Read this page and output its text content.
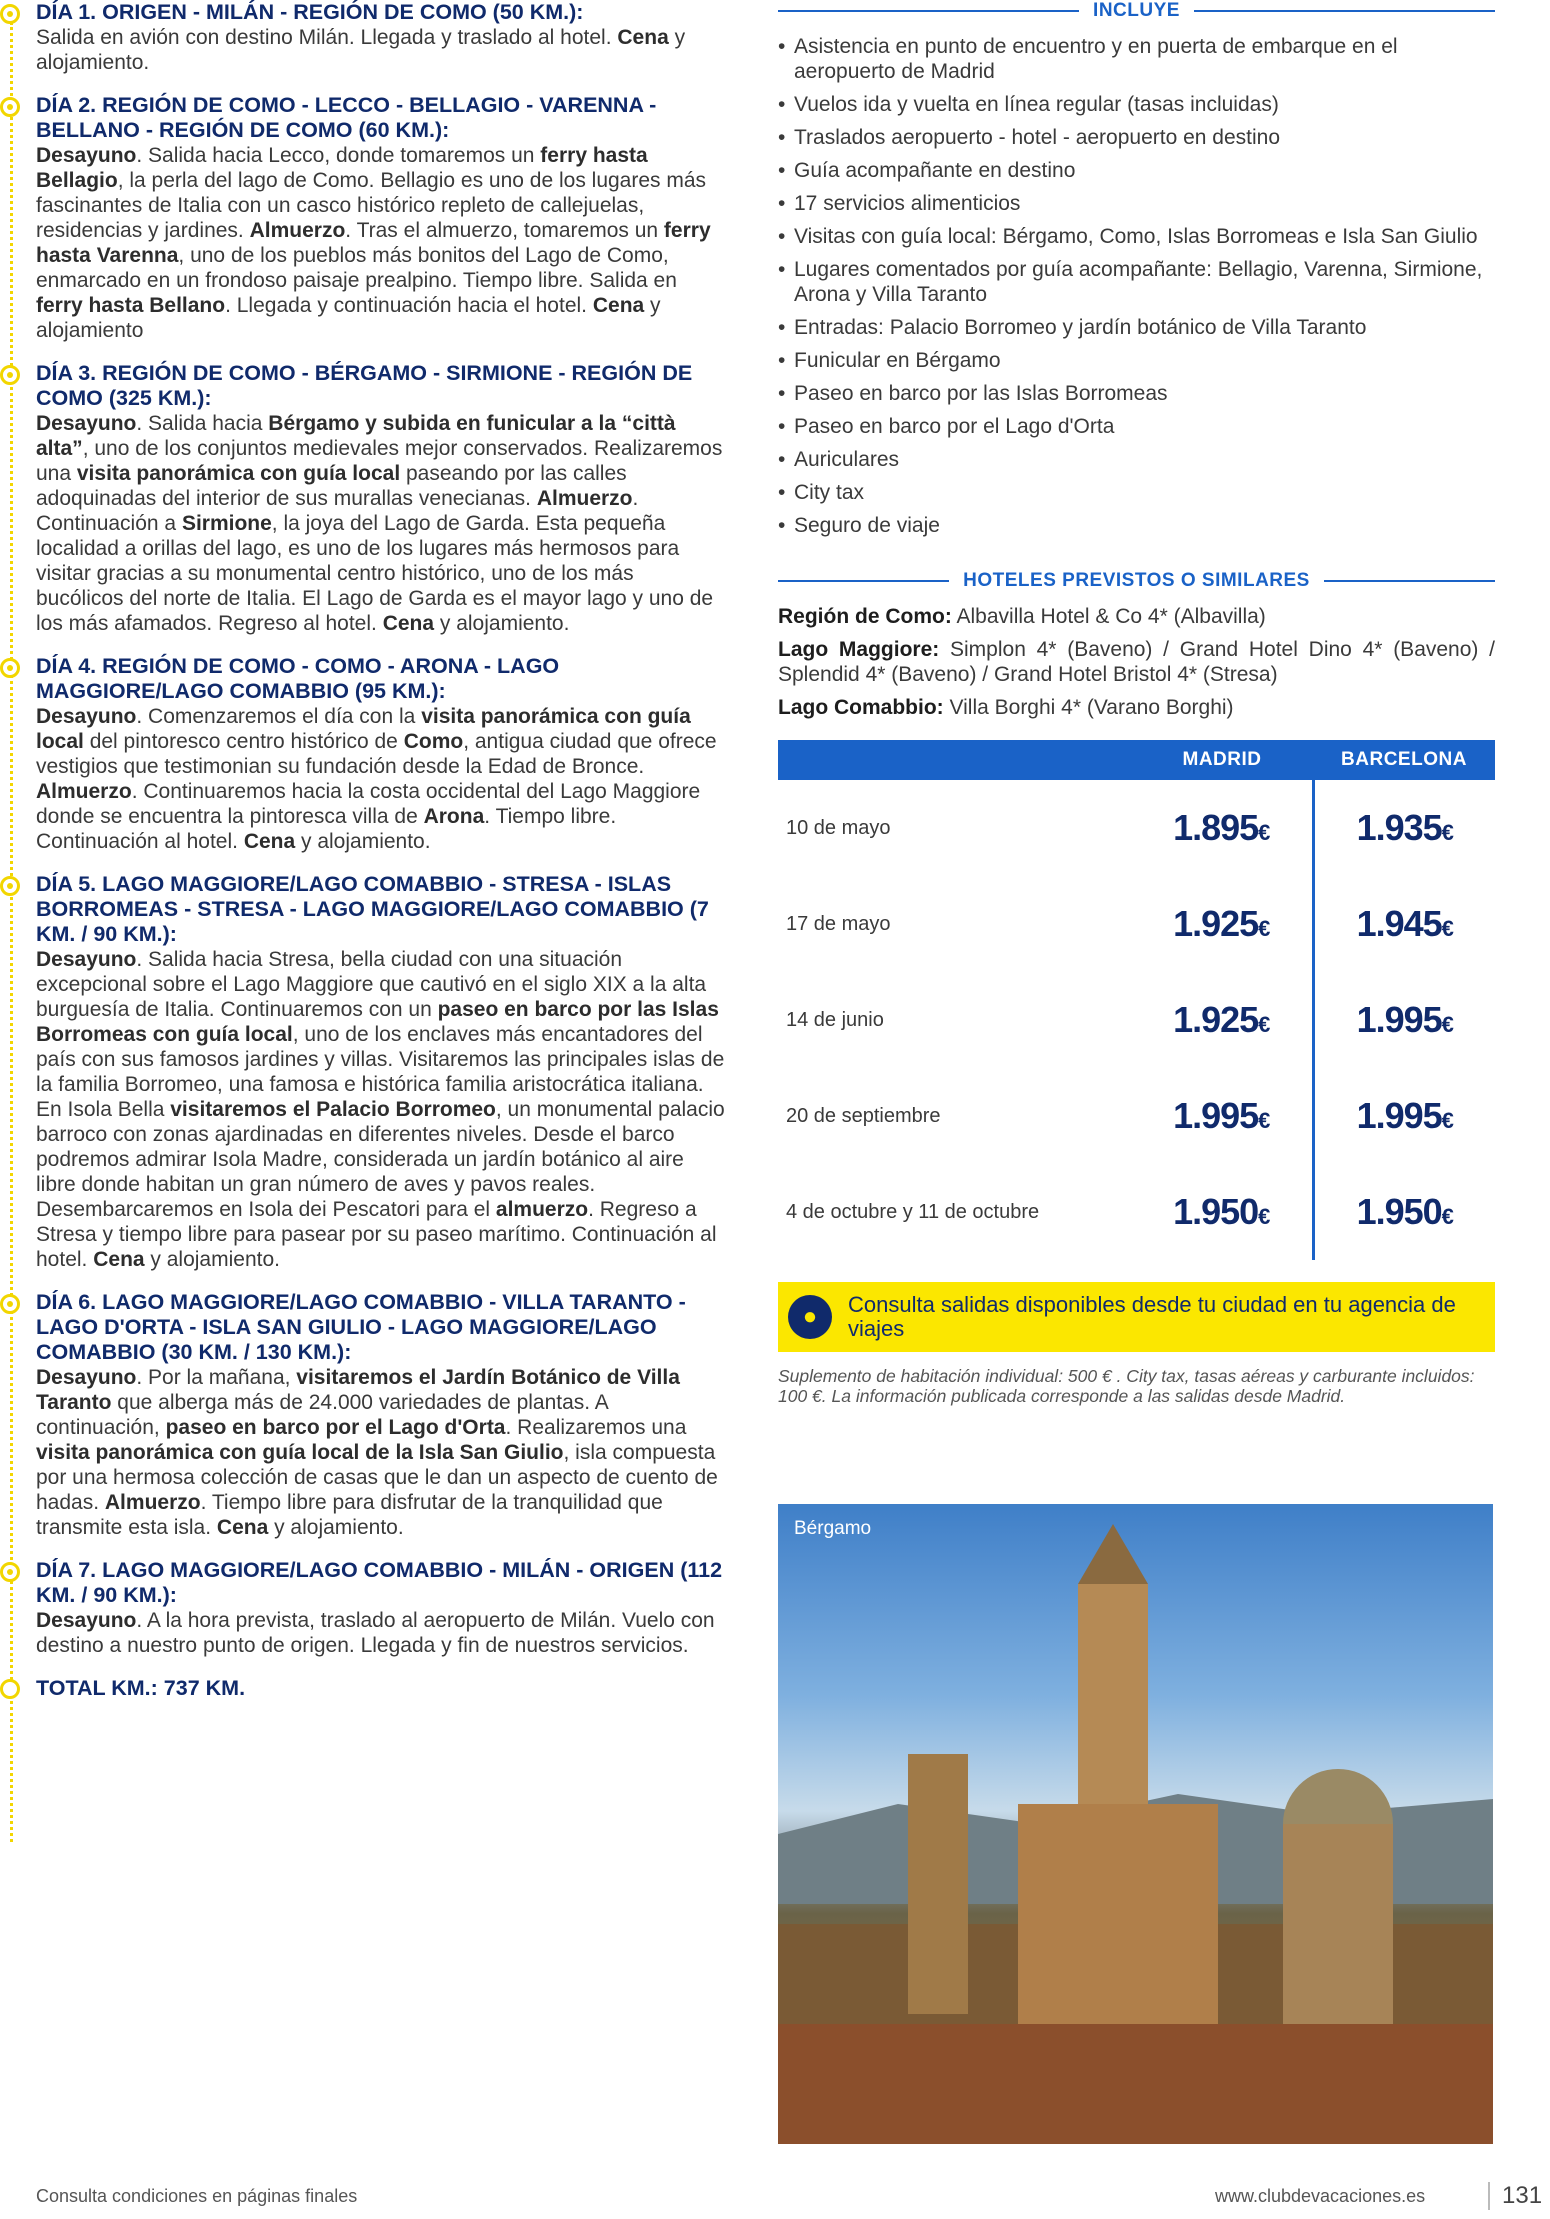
DÍA 1. ORIGEN - MILÁN - REGIÓN DE COMO (50 KM.):

Salida en avión con destino Milán. Llegada y traslado al hotel. Cena y alojamiento.

DÍA 2. REGIÓN DE COMO - LECCO - BELLAGIO - VARENNA - BELLANO - REGIÓN DE COMO (60 KM.):

Desayuno. Salida hacia Lecco, donde tomaremos un ferry hasta Bellagio, la perla del lago de Como. Bellagio es uno de los lugares más fascinantes de Italia con un casco histórico repleto de callejuelas, residencias y jardines. Almuerzo. Tras el almuerzo, tomaremos un ferry hasta Varenna, uno de los pueblos más bonitos del Lago de Como, enmarcado en un frondoso paisaje prealpino. Tiempo libre. Salida en ferry hasta Bellano. Llegada y continuación hacia el hotel. Cena y alojamiento

DÍA 3. REGIÓN DE COMO - BÉRGAMO - SIRMIONE - REGIÓN DE COMO (325 KM.):

Desayuno. Salida hacia Bérgamo y subida en funicular a la “città alta”, uno de los conjuntos medievales mejor conservados. Realizaremos una visita panorámica con guía local paseando por las calles adoquinadas del interior de sus murallas venecianas. Almuerzo. Continuación a Sirmione, la joya del Lago de Garda. Esta pequeña localidad a orillas del lago, es uno de los lugares más hermosos para visitar gracias a su monumental centro histórico, uno de los más bucólicos del norte de Italia. El Lago de Garda es el mayor lago y uno de los más afamados. Regreso al hotel. Cena y alojamiento.

DÍA 4. REGIÓN DE COMO - COMO - ARONA - LAGO MAGGIORE/LAGO COMABBIO (95 KM.):

Desayuno. Comenzaremos el día con la visita panorámica con guía local del pintoresco centro histórico de Como, antigua ciudad que ofrece vestigios que testimonian su fundación desde la Edad de Bronce. Almuerzo. Continuaremos hacia la costa occidental del Lago Maggiore donde se encuentra la pintoresca villa de Arona. Tiempo libre. Continuación al hotel. Cena y alojamiento.

DÍA 5. LAGO MAGGIORE/LAGO COMABBIO - STRESA - ISLAS BORROMEAS - STRESA - LAGO MAGGIORE/LAGO COMABBIO (7 KM. / 90 KM.):

Desayuno. Salida hacia Stresa, bella ciudad con una situación excepcional sobre el Lago Maggiore que cautivó en el siglo XIX a la alta burguesía de Italia. Continuaremos con un paseo en barco por las Islas Borromeas con guía local, uno de los enclaves más encantadores del país con sus famosos jardines y villas. Visitaremos las principales islas de la familia Borromeo, una famosa e histórica familia aristocrática italiana. En Isola Bella visitaremos el Palacio Borromeo, un monumental palacio barroco con zonas ajardinadas en diferentes niveles. Desde el barco podremos admirar Isola Madre, considerada un jardín botánico al aire libre donde habitan un gran número de aves y pavos reales. Desembarcaremos en Isola dei Pescatori para el almuerzo. Regreso a Stresa y tiempo libre para pasear por su paseo marítimo. Continuación al hotel. Cena y alojamiento.

DÍA 6. LAGO MAGGIORE/LAGO COMABBIO - VILLA TARANTO - LAGO D'ORTA - ISLA SAN GIULIO - LAGO MAGGIORE/LAGO COMABBIO (30 KM. / 130 KM.):

Desayuno. Por la mañana, visitaremos el Jardín Botánico de Villa Taranto que alberga más de 24.000 variedades de plantas. A continuación, paseo en barco por el Lago d'Orta. Realizaremos una visita panorámica con guía local de la Isla San Giulio, isla compuesta por una hermosa colección de casas que le dan un aspecto de cuento de hadas. Almuerzo. Tiempo libre para disfrutar de la tranquilidad que transmite esta isla. Cena y alojamiento.

DÍA 7. LAGO MAGGIORE/LAGO COMABBIO - MILÁN - ORIGEN (112 KM. / 90 KM.):

Desayuno. A la hora prevista, traslado al aeropuerto de Milán. Vuelo con destino a nuestro punto de origen. Llegada y fin de nuestros servicios.

TOTAL KM.: 737 KM.
INCLUYE
• Asistencia en punto de encuentro y en puerta de embarque en el aeropuerto de Madrid
• Vuelos ida y vuelta en línea regular (tasas incluidas)
• Traslados aeropuerto - hotel - aeropuerto en destino
• Guía acompañante en destino
• 17 servicios alimenticios
• Visitas con guía local: Bérgamo, Como, Islas Borromeas e Isla San Giulio
• Lugares comentados por guía acompañante: Bellagio, Varenna, Sirmione, Arona y Villa Taranto
• Entradas: Palacio Borromeo y jardín botánico de Villa Taranto
• Funicular en Bérgamo
• Paseo en barco por las Islas Borromeas
• Paseo en barco por el Lago d'Orta
• Auriculares
• City tax
• Seguro de viaje
HOTELES PREVISTOS O SIMILARES
Región de Como: Albavilla Hotel & Co 4* (Albavilla)
Lago Maggiore: Simplon 4* (Baveno) / Grand Hotel Dino 4* (Baveno) / Splendid 4* (Baveno) / Grand Hotel Bristol 4* (Stresa)
Lago Comabbio: Villa Borghi 4* (Varano Borghi)
	MADRID	BARCELONA
10 de mayo	1.895€	1.935€
17 de mayo	1.925€	1.945€
14 de junio	1.925€	1.995€
20 de septiembre	1.995€	1.995€
4 de octubre y 11 de octubre	1.950€	1.950€
●	Consulta salidas disponibles desde tu ciudad en tu agencia de viajes
Suplemento de habitación individual: 500 € . City tax, tasas aéreas y carburante incluidos: 100 €. La información publicada corresponde a las salidas desde Madrid.
Bérgamo
Consulta condiciones en páginas finales	www.clubdevacaciones.es	131
